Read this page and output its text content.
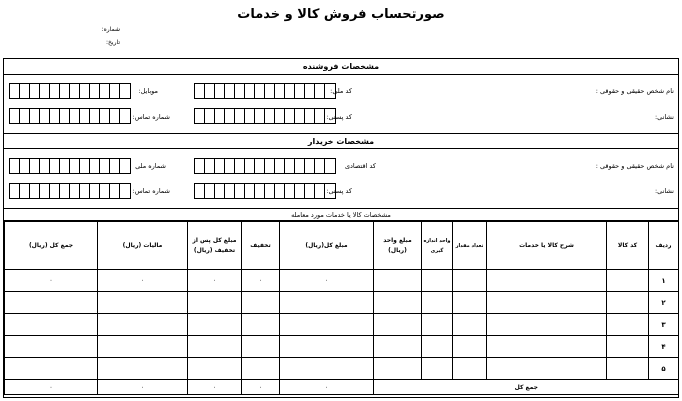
صورتحساب فروش کالا و خدمات
شماره:
تاریخ:
مشخصات فروشنده
نام شخص حقیقی و حقوقی :
کد ملی:
موبایل:
نشانی:
کد پستی:
شماره تماس:
مشخصات خریدار
نام شخص حقیقی و حقوقی :
کد اقتصادی
شماره ملی
نشانی:
کد پستی:
شماره تماس:
مشخصات کالا یا خدمات مورد معامله
ردیف	کد کالا	شرح کالا یا خدمات	تعداد مقدار	واحد اندازه گیری	مبلغ واحد (ریال)	مبلغ کل(ریال)	تخفیف	مبلغ کل پس از تخفیف (ریال)	مالیات (ریال)	جمع کل (ریال)
۱						۰	۰	۰	۰	۰
۲										
۳										
۴										
۵										
جمع کل						۰	۰	۰	۰	۰
